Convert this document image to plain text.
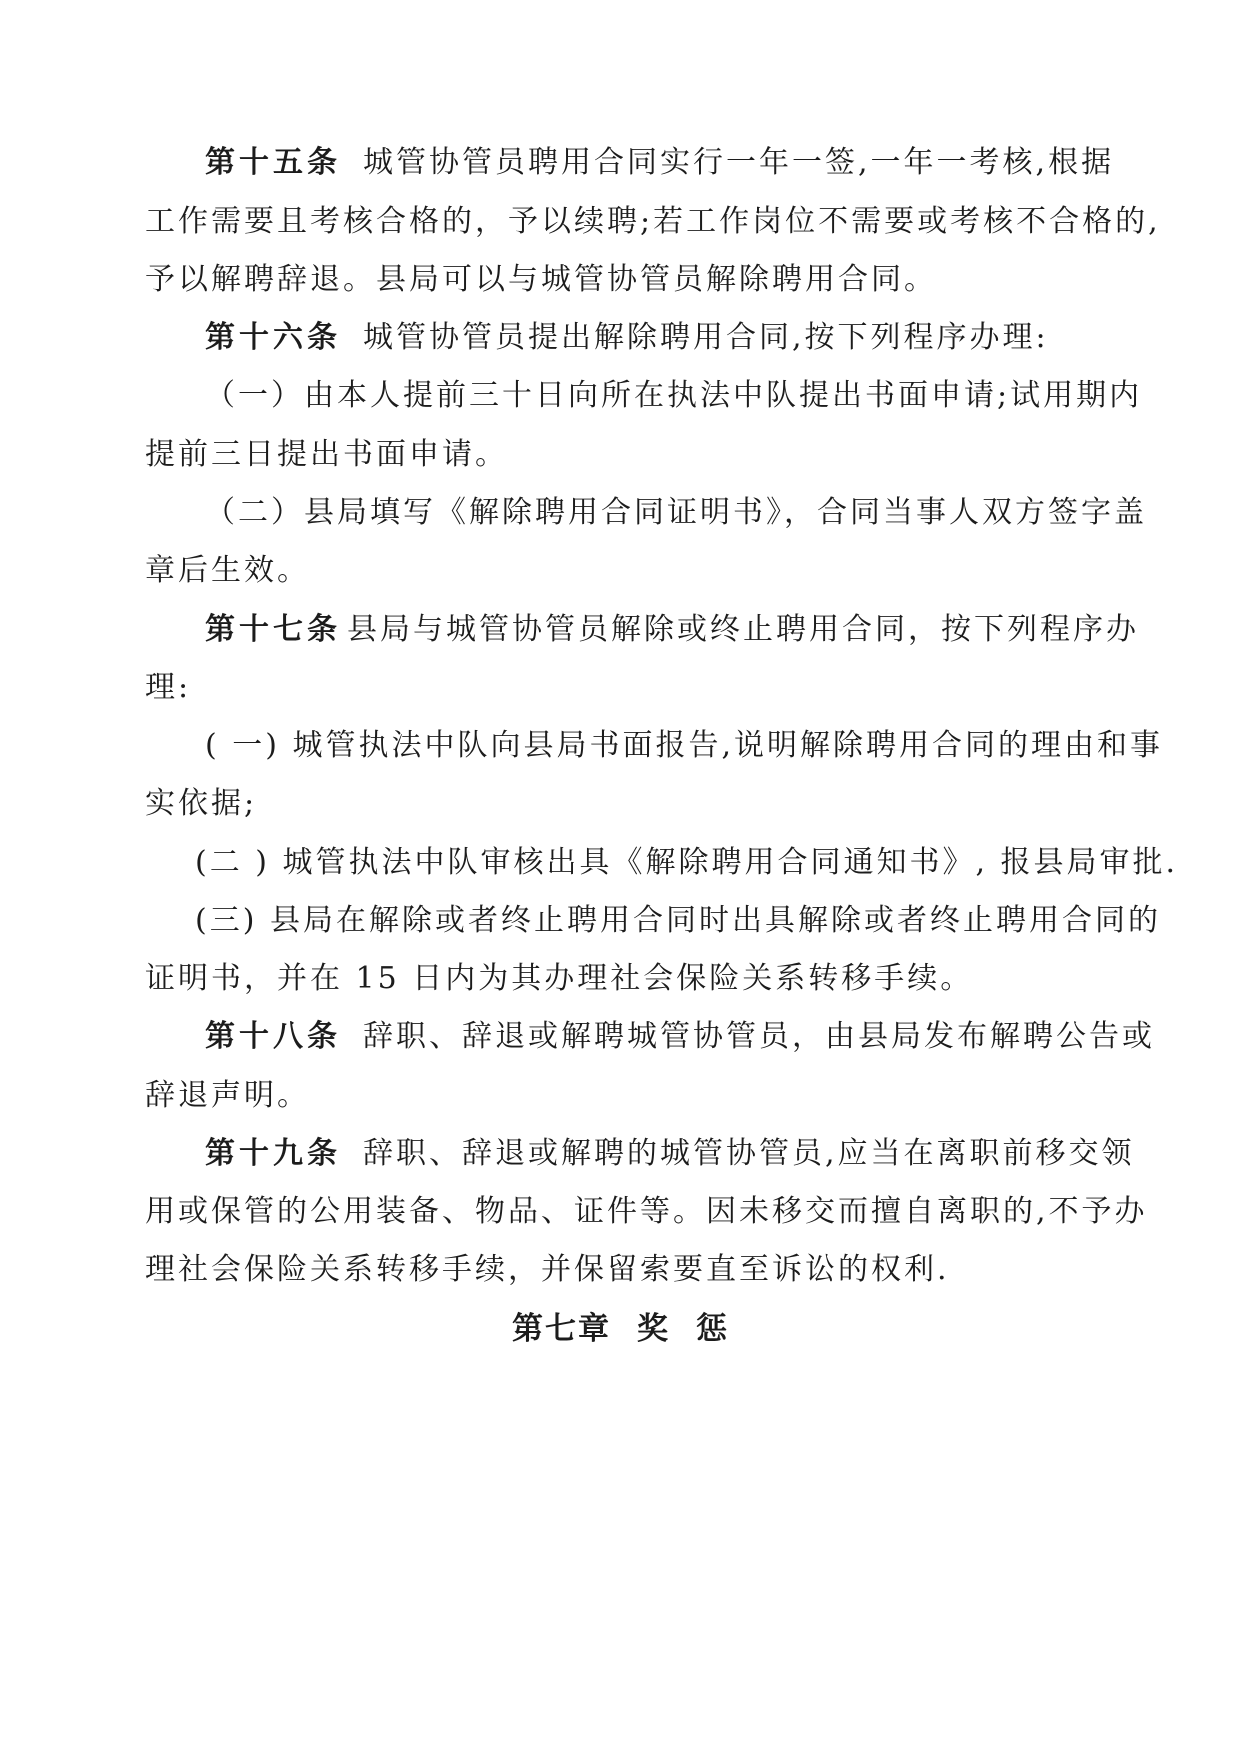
第十五条 城管协管员聘用合同实行一年一签,一年一考核,根据
工作需要且考核合格的，予以续聘;若工作岗位不需要或考核不合格的,
予以解聘辞退。县局可以与城管协管员解除聘用合同。
第十六条 城管协管员提出解除聘用合同,按下列程序办理:
（一）由本人提前三十日向所在执法中队提出书面申请;试用期内
提前三日提出书面申请。
（二）县局填写《解除聘用合同证明书》，合同当事人双方签字盖
章后生效。
第十七条 县局与城管协管员解除或终止聘用合同，按下列程序办
理:
( 一) 城管执法中队向县局书面报告,说明解除聘用合同的理由和事
实依据;
(二 ) 城管执法中队审核出具《解除聘用合同通知书》, 报县局审批.
(三) 县局在解除或者终止聘用合同时出具解除或者终止聘用合同的
证明书，并在 15 日内为其办理社会保险关系转移手续。
第十八条 辞职、辞退或解聘城管协管员，由县局发布解聘公告或
辞退声明。
第十九条 辞职、辞退或解聘的城管协管员,应当在离职前移交领
用或保管的公用装备、物品、证件等。因未移交而擅自离职的,不予办
理社会保险关系转移手续，并保留索要直至诉讼的权利.
第七章 奖 惩
